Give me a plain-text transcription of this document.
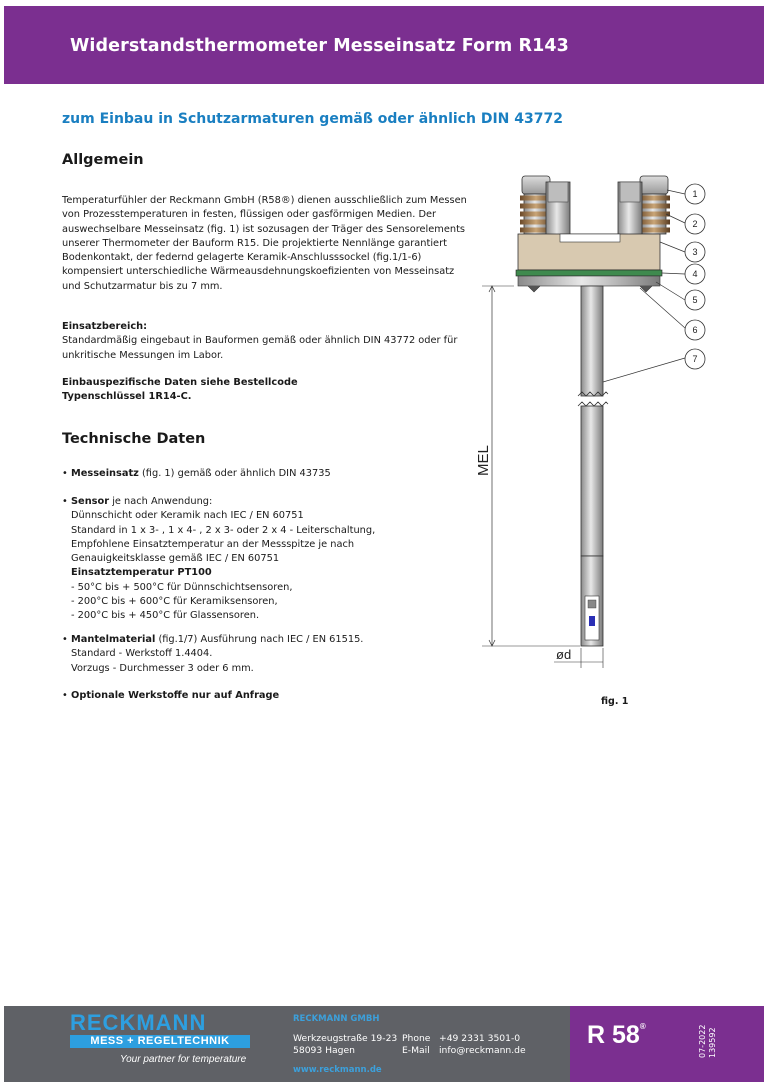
Widerstandsthermometer Messeinsatz Form R143
zum Einbau in Schutzarmaturen gemäß oder ähnlich DIN 43772
Allgemein

Temperaturfühler der Reckmann GmbH (R58®) dienen ausschließlich zum Messen

von Prozesstemperaturen in festen, flüssigen oder gasförmigen Medien. Der

auswechselbare Messeinsatz (fig. 1) ist sozusagen der Träger des Sensorelements

unserer Thermometer der Bauform R15. Die projektierte Nennlänge garantiert

Bodenkontakt, der federnd gelagerte Keramik-Anschlusssockel (fig.1/1-6)

kompensiert unterschiedliche Wärmeausdehnungskoefizienten von Messeinsatz

und Schutzarmatur bis zu 7 mm.

Einsatzbereich:

Standardmäßig eingebaut in Bauformen gemäß oder ähnlich DIN 43772 oder für

unkritische Messungen im Labor.

Einbauspezifische Daten siehe Bestellcode

Typenschlüssel 1R14-C.

Technische Daten

• Messeinsatz (fig. 1) gemäß oder ähnlich DIN 43735

• Sensor je nach Anwendung:

Dünnschicht oder Keramik nach IEC / EN 60751

Standard in 1 x 3- , 1 x 4- , 2 x 3- oder 2 x 4 - Leiterschaltung,

Empfohlene Einsatztemperatur an der Messspitze je nach

Genauigkeitsklasse gemäß IEC / EN 60751

Einsatztemperatur PT100

- 50°C bis + 500°C für Dünnschichtsensoren,

- 200°C bis + 600°C für Keramiksensoren,

- 200°C bis + 450°C für Glassensoren.

• Mantelmaterial (fig.1/7) Ausführung nach IEC / EN 61515.

Standard - Werkstoff 1.4404.

Vorzugs - Durchmesser 3 oder 6 mm.

• Optionale Werkstoffe nur auf Anfrage

MEL
ød
1
2
3
4
5
6
7
fig. 1
RECKMANN
MESS + REGELTECHNIK
Your partner for temperature
RECKMANN GMBH
Werkzeugstraße 19-23
58093 Hagen
Phone +49 2331 3501-0
E-Mail info@reckmann.de
www.reckmann.de
R 58®	07-2022 139592
